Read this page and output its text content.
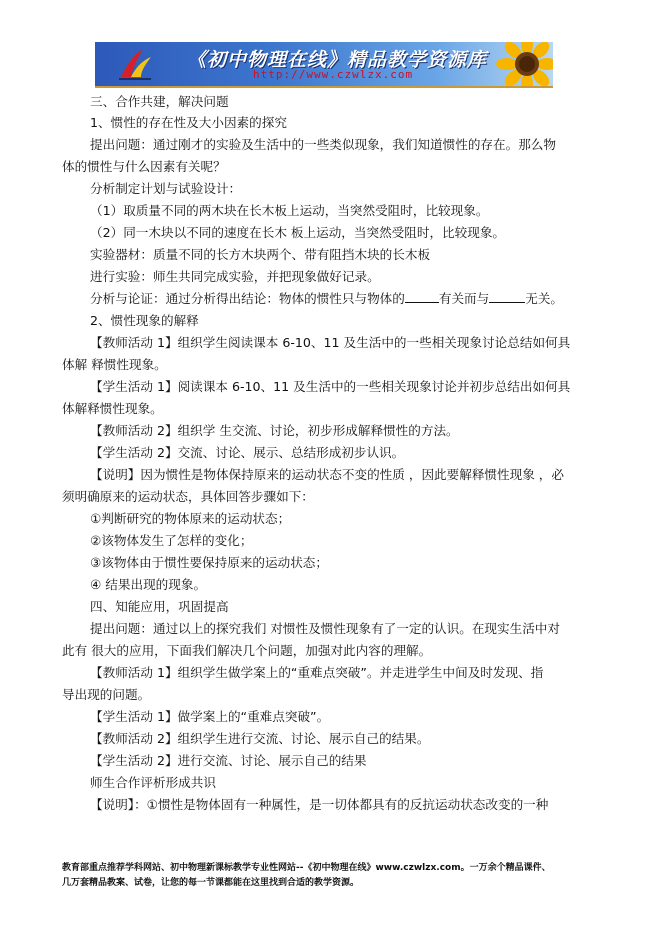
《初中物理在线》精品教学资源库
http://www.czwlzx.com
三、合作共建，解决问题
1、惯性的存在性及大小因素的探究
提出问题：通过刚才的实验及生活中的一些类似现象，我们知道惯性的存在。那么物
体的惯性与什么因素有关呢？
分析制定计划与试验设计：
（1）取质量不同的两木块在长木板上运动，当突然受阻时，比较现象。
（2）同一木块以不同的速度在长木 板上运动，当突然受阻时，比较现象。
实验器材：质量不同的长方木块两个、带有阻挡木块的长木板
进行实验：师生共同完成实验，并把现象做好记录。
分析与论证：通过分析得出结论：物体的惯性只与物体的	有关而与	无关。
2、惯性现象的解释
【教师活动 1】组织学生阅读课本 6-10、11 及生活中的一些相关现象讨论总结如何具
体解 释惯性现象。
【学生活动 1】阅读课本 6-10、11 及生活中的一些相关现象讨论并初步总结出如何具
体解释惯性现象。
【教师活动 2】组织学 生交流、讨论，初步形成解释惯性的方法。
【学生活动 2】交流、讨论、展示、总结形成初步认识。
【说明】因为惯性是物体保持原来的运动状态不变的性质 ，因此要解释惯性现象 ，必
须明确原来的运动状态，具体回答步骤如下：
①判断研究的物体原来的运动状态；
②该物体发生了怎样的变化；
③该物体由于惯性要保持原来的运动状态；
④ 结果出现的现象。
四、知能应用，巩固提高
提出问题：通过以上的探究我们 对惯性及惯性现象有了一定的认识。在现实生活中对
此有 很大的应用，下面我们解决几个问题，加强对此内容的理解。
【教师活动 1】组织学生做学案上的“重难点突破”。并走进学生中间及时发现、指
导出现的问题。
【学生活动 1】做学案上的“重难点突破”。
【教师活动 2】组织学生进行交流、讨论、展示自己的结果。
【学生活动 2】进行交流、讨论、展示自己的结果
师生合作评析形成共识
【说明】：①惯性是物体固有一种属性，是一切体都具有的反抗运动状态改变的一种
教育部重点推荐学科网站、初中物理新课标教学专业性网站--《初中物理在线》www.czwlzx.com。一万余个精品课件、
几万套精品教案、试卷，让您的每一节课都能在这里找到合适的教学资源。
